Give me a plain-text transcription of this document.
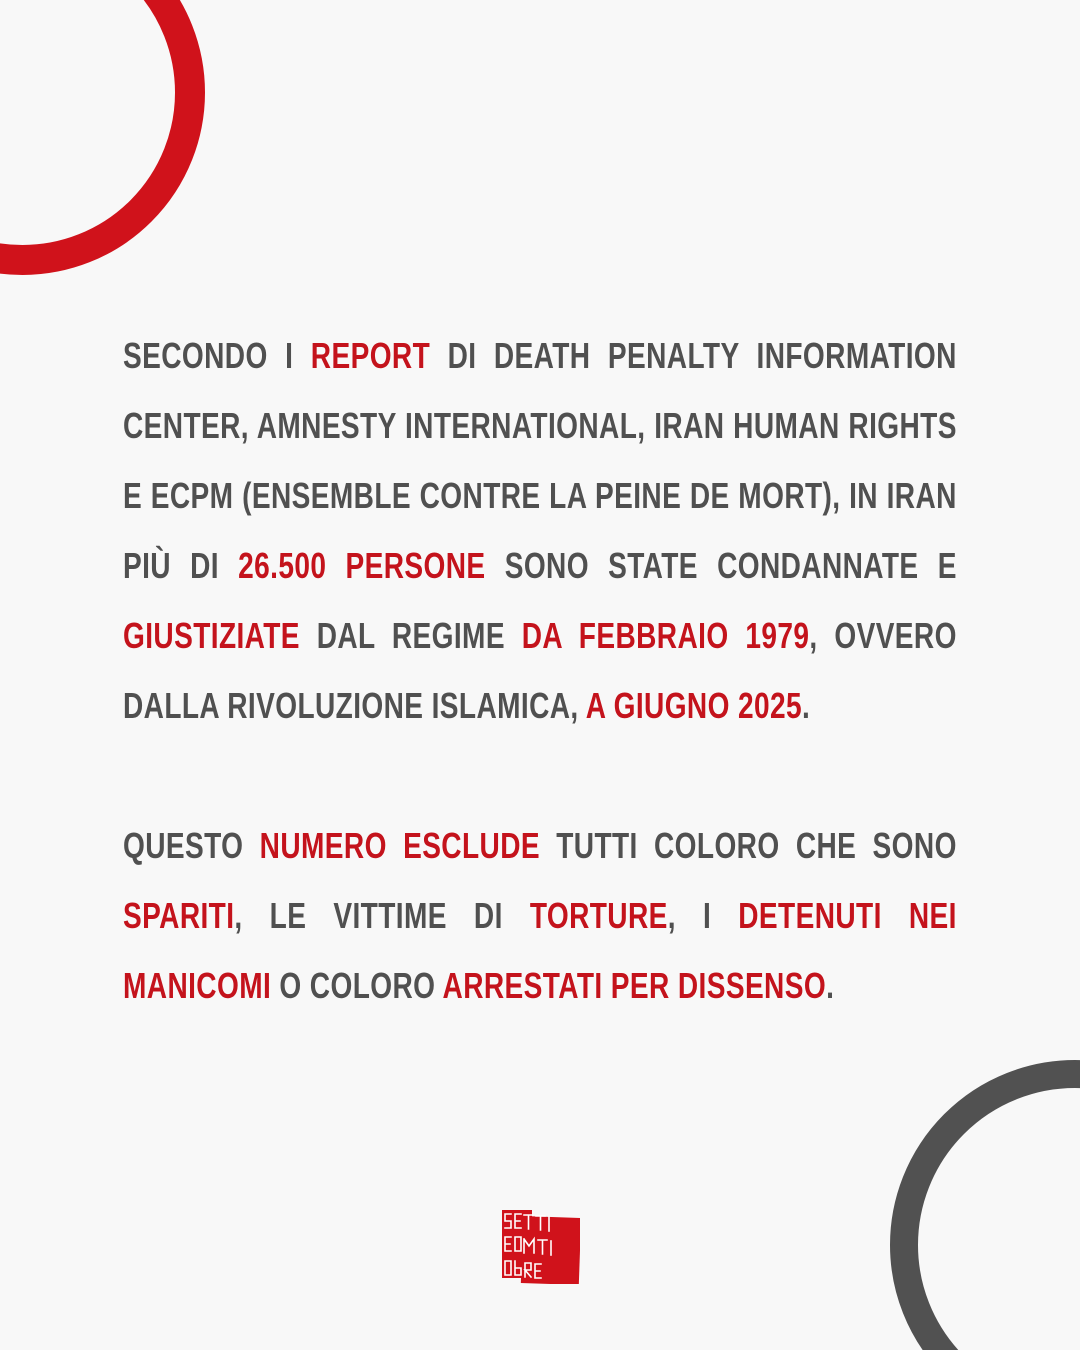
SECONDO I REPORT DI DEATH PENALTY INFORMATION CENTER, AMNESTY INTERNATIONAL, IRAN HUMAN RIGHTS E ECPM (ENSEMBLE CONTRE LA PEINE DE MORT), IN IRAN PIÙ DI 26.500 PERSONE SONO STATE CONDANNATE E GIUSTIZIATE DAL REGIME DA FEBBRAIO 1979, OVVERO DALLA RIVOLUZIONE ISLAMICA, A GIUGNO 2025.
QUESTO NUMERO ESCLUDE TUTTI COLORO CHE SONO SPARITI, LE VITTIME DI TORTURE, I DETENUTI NEI MANICOMI O COLORO ARRESTATI PER DISSENSO.
